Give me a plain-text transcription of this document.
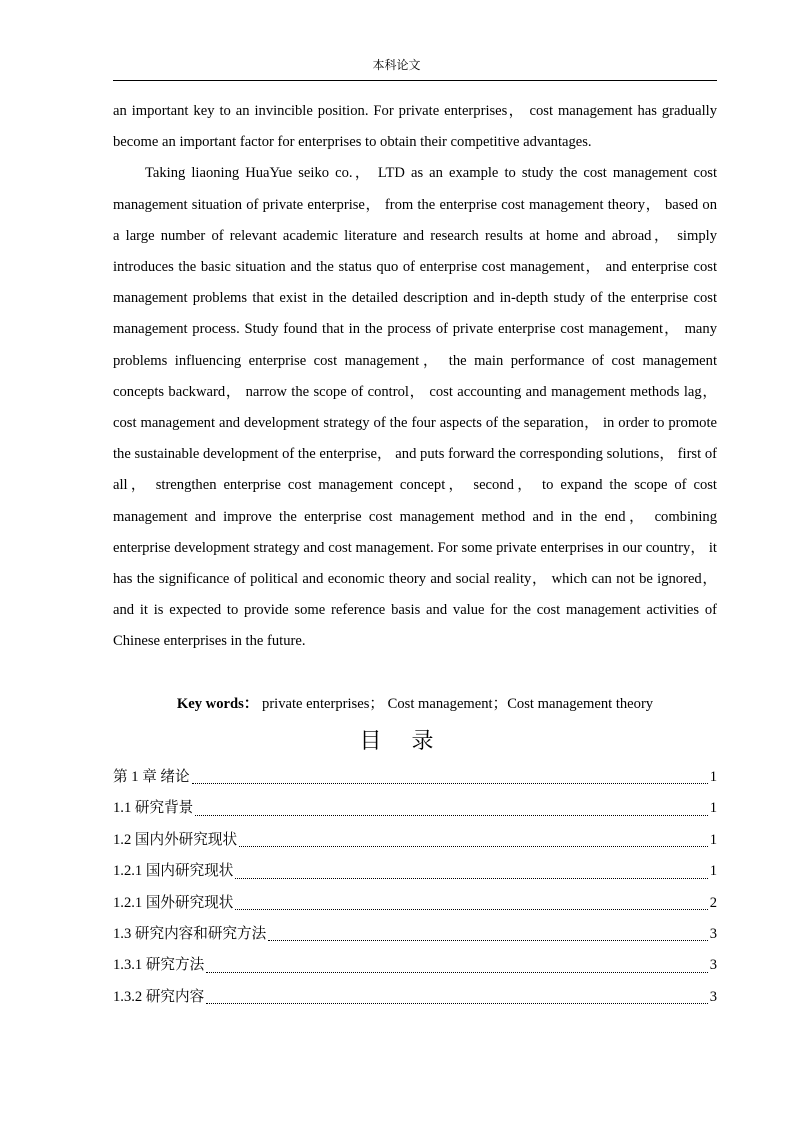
本科论文

an important key to an invincible position. For private enterprises， cost management has gradually become an important factor for enterprises to obtain their competitive advantages.

Taking liaoning HuaYue seiko co.， LTD as an example to study the cost management cost management situation of private enterprise， from the enterprise cost management theory， based on a large number of relevant academic literature and research results at home and abroad， simply introduces the basic situation and the status quo of enterprise cost management， and enterprise cost management problems that exist in the detailed description and in-depth study of the enterprise cost management process. Study found that in the process of private enterprise cost management， many problems influencing enterprise cost management， the main performance of cost management concepts backward， narrow the scope of control， cost accounting and management methods lag， cost management and development strategy of the four aspects of the separation， in order to promote the sustainable development of the enterprise， and puts forward the corresponding solutions， first of all， strengthen enterprise cost management concept， second， to expand the scope of cost management and improve the enterprise cost management method and in the end， combining enterprise development strategy and cost management. For some private enterprises in our country， it has the significance of political and economic theory and social reality， which can not be ignored， and it is expected to provide some reference basis and value for the cost management activities of Chinese enterprises in the future.

Key words： private enterprises； Cost management；Cost management theory
目录
第 1 章 绪论	1
1.1 研究背景	1
1.2 国内外研究现状	1
1.2.1 国内研究现状	1
1.2.1 国外研究现状	2
1.3 研究内容和研究方法	3
1.3.1 研究方法	3
1.3.2 研究内容	3
